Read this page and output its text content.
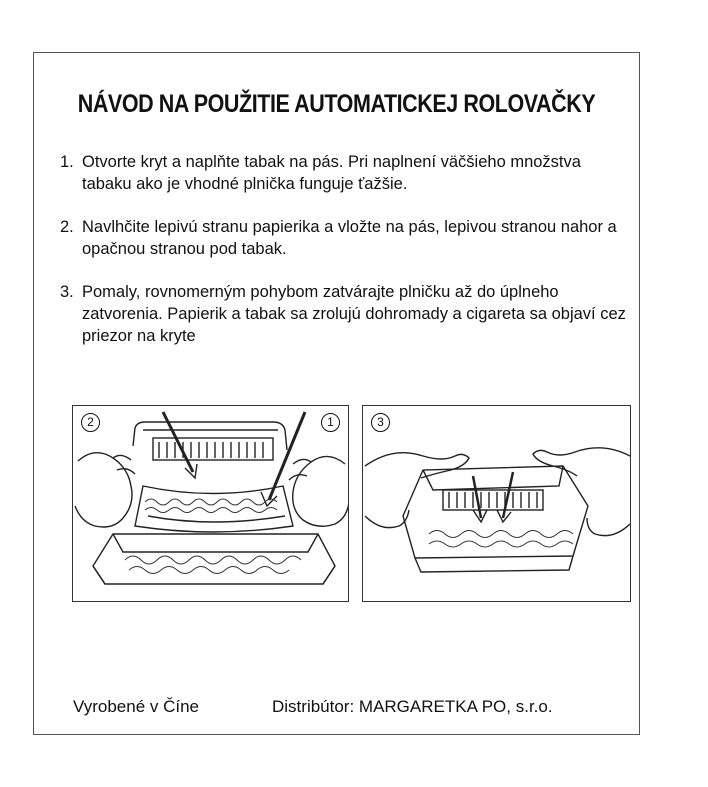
NÁVOD NA POUŽITIE AUTOMATICKEJ ROLOVAČKY
1. Otvorte kryt a naplňte tabak na pás. Pri naplnení väčšieho množstva tabaku ako je vhodné plnička funguje ťažšie.
2. Navlhčite lepivú stranu papierika a vložte na pás, lepivou stranou nahor a opačnou stranou pod tabak.
3. Pomaly, rovnomerným pohybom zatvárajte plničku až do úplneho zatvorenia. Papierik a tabak sa zrolujú dohromady a cigareta sa objaví cez priezor na kryte
2	1	3
Vyrobené v Číne	Distribútor: MARGARETKA PO, s.r.o.
